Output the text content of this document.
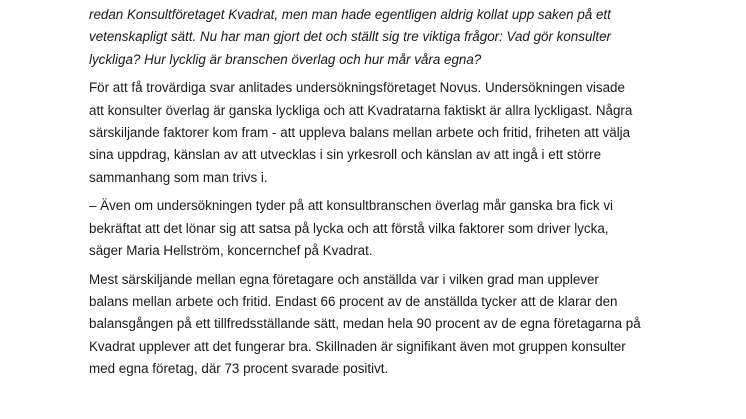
redan Konsultföretaget Kvadrat, men man hade egentligen aldrig kollat upp saken på ett
vetenskapligt sätt. Nu har man gjort det och ställt sig tre viktiga frågor: Vad gör konsulter
lyckliga? Hur lycklig är branschen överlag och hur mår våra egna?
För att få trovärdiga svar anlitades undersökningsföretaget Novus. Undersökningen visade
att konsulter överlag är ganska lyckliga och att Kvadratarna faktiskt är allra lyckligast. Några
särskiljande faktorer kom fram - att uppleva balans mellan arbete och fritid, friheten att välja
sina uppdrag, känslan av att utvecklas i sin yrkesroll och känslan av att ingå i ett större
sammanhang som man trivs i.
– Även om undersökningen tyder på att konsultbranschen överlag mår ganska bra fick vi
bekräftat att det lönar sig att satsa på lycka och att förstå vilka faktorer som driver lycka,
säger Maria Hellström, koncernchef på Kvadrat.
Mest särskiljande mellan egna företagare och anställda var i vilken grad man upplever
balans mellan arbete och fritid. Endast 66 procent av de anställda tycker att de klarar den
balansgången på ett tillfredsställande sätt, medan hela 90 procent av de egna företagarna på
Kvadrat upplever att det fungerar bra. Skillnaden är signifikant även mot gruppen konsulter
med egna företag, där 73 procent svarade positivt.
